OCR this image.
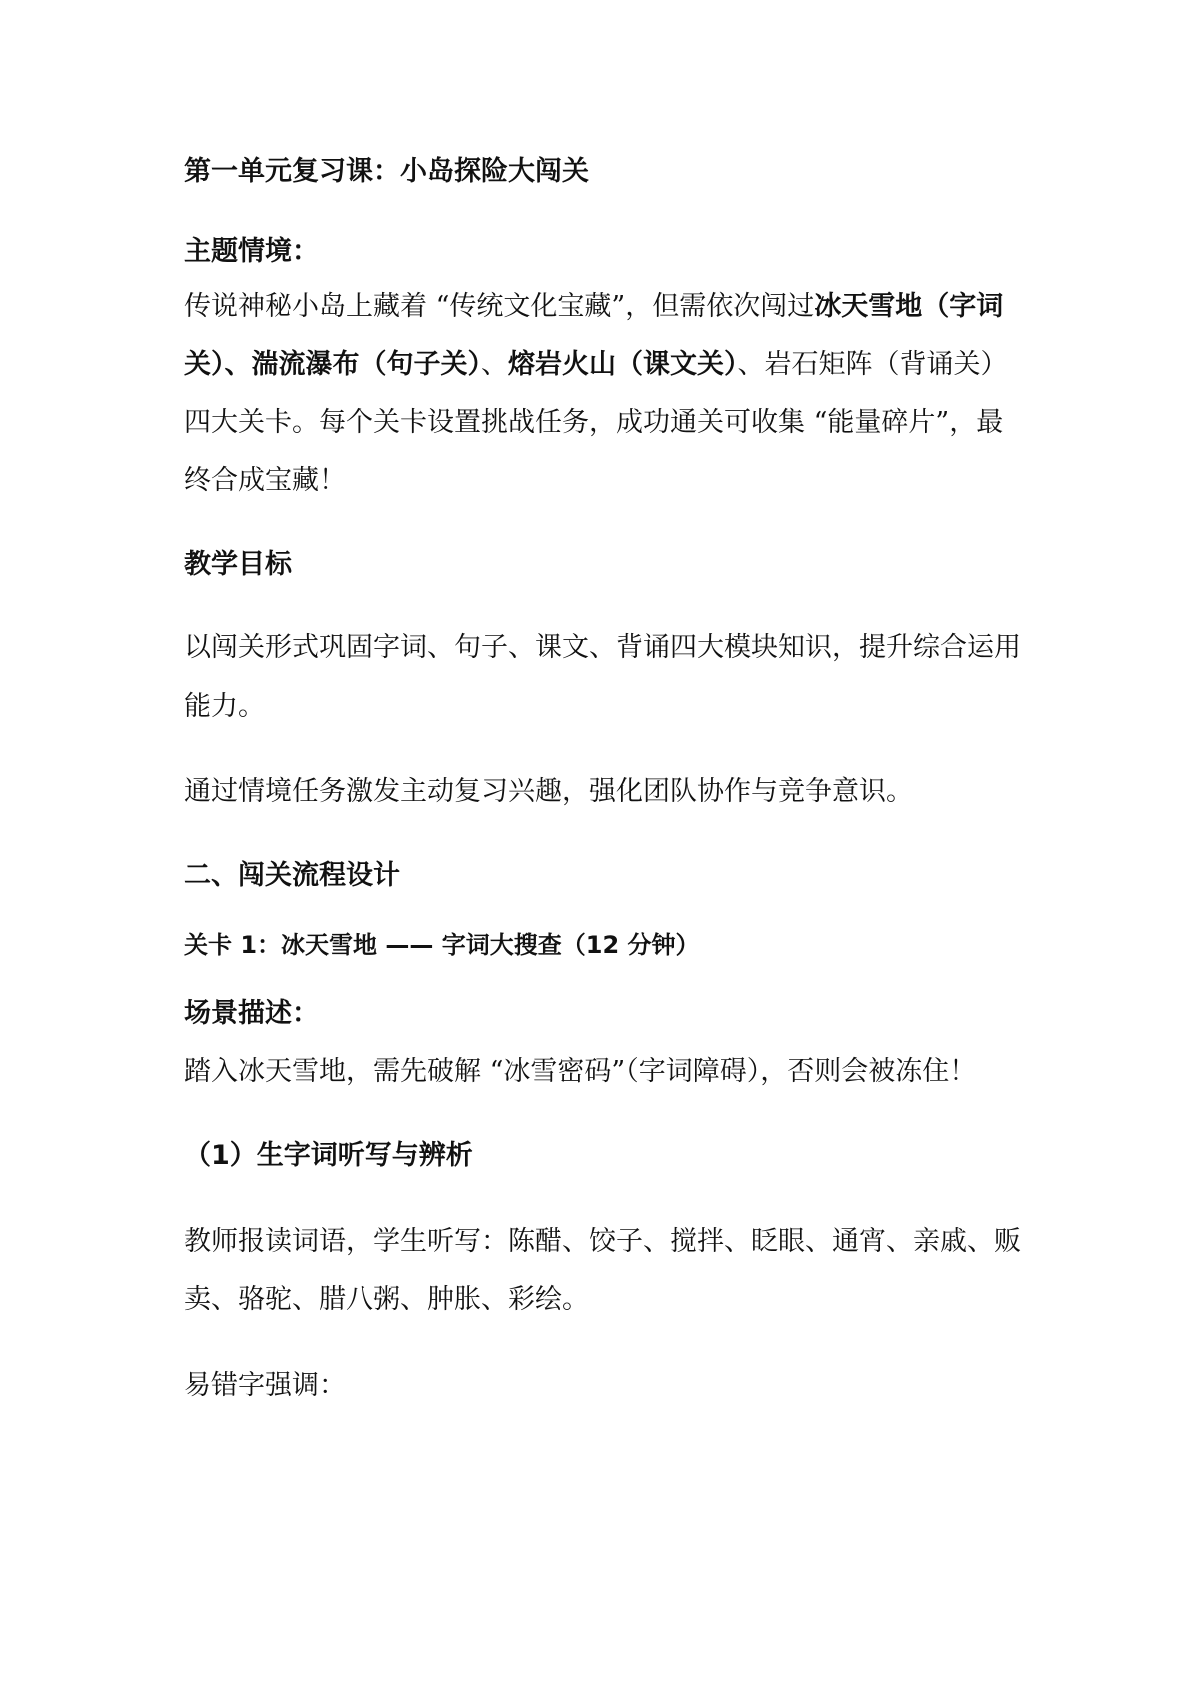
第一单元复习课：小岛探险大闯关
主题情境：
传说神秘小岛上藏着 “传统文化宝藏”，但需依次闯过冰天雪地（字词
关）、湍流瀑布（句子关）、熔岩火山（课文关）、岩石矩阵（背诵关）
四大关卡。每个关卡设置挑战任务，成功通关可收集 “能量碎片”，最
终合成宝藏！
教学目标
以闯关形式巩固字词、句子、课文、背诵四大模块知识，提升综合运用
能力。
通过情境任务激发主动复习兴趣，强化团队协作与竞争意识。
二、闯关流程设计
关卡 1：冰天雪地 —— 字词大搜查（12 分钟）
场景描述：
踏入冰天雪地，需先破解 “冰雪密码”（字词障碍），否则会被冻住！
（1）生字词听写与辨析
教师报读词语，学生听写：陈醋、饺子、搅拌、眨眼、通宵、亲戚、贩
卖、骆驼、腊八粥、肿胀、彩绘。
易错字强调：
